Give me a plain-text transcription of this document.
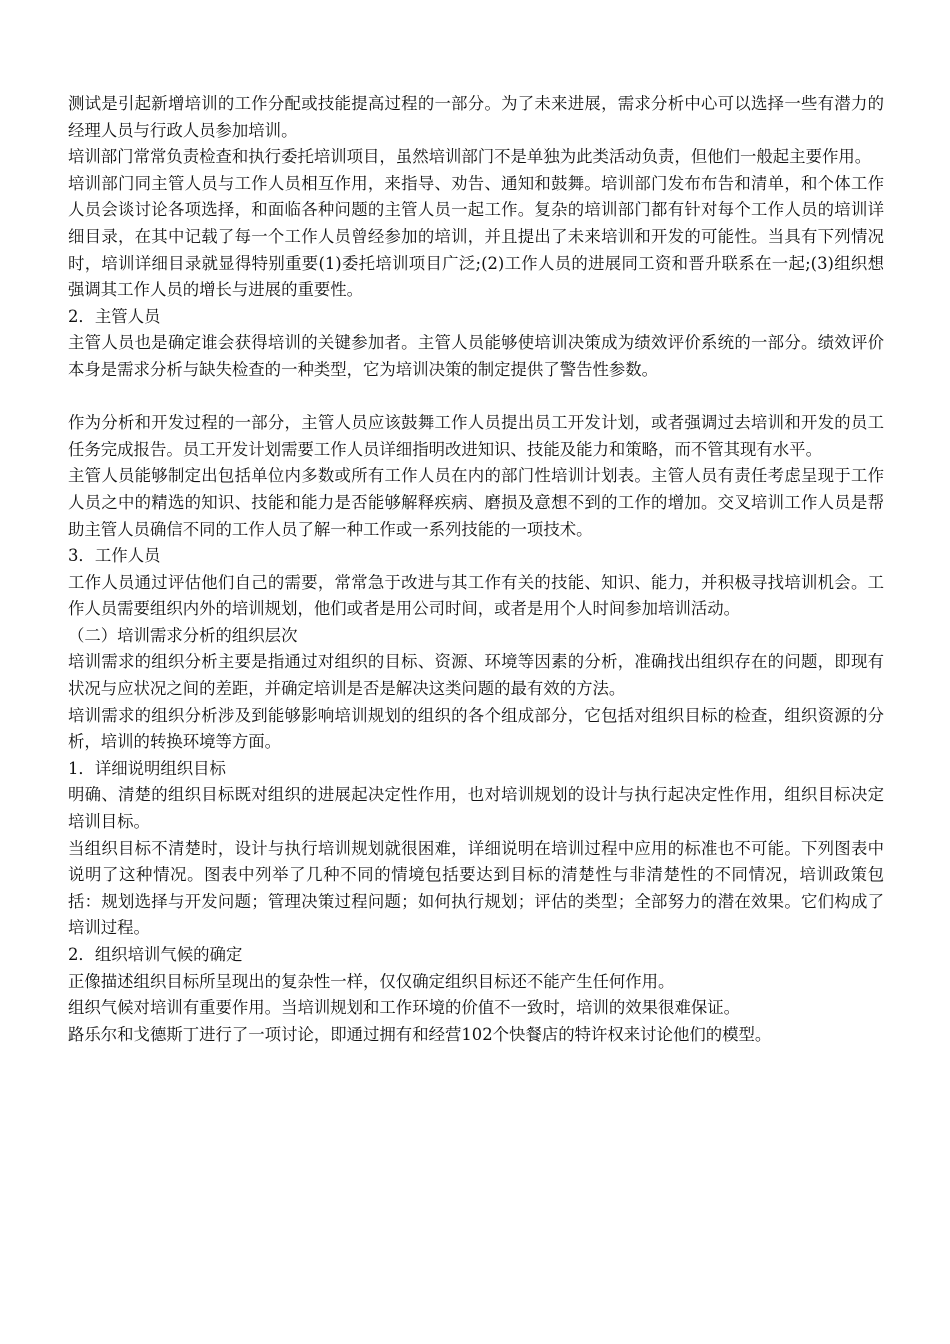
测试是引起新增培训的工作分配或技能提高过程的一部分。为了未来进展，需求分析中心可以选择一些有潜力的经理人员与行政人员参加培训。

培训部门常常负责检查和执行委托培训项目，虽然培训部门不是单独为此类活动负责，但他们一般起主要作用。

培训部门同主管人员与工作人员相互作用，来指导、劝告、通知和鼓舞。培训部门发布布告和清单，和个体工作人员会谈讨论各项选择，和面临各种问题的主管人员一起工作。复杂的培训部门都有针对每个工作人员的培训详细目录，在其中记载了每一个工作人员曾经参加的培训，并且提出了未来培训和开发的可能性。当具有下列情况时，培训详细目录就显得特别重要(1)委托培训项目广泛;(2)工作人员的进展同工资和晋升联系在一起;(3)组织想强调其工作人员的增长与进展的重要性。

2．主管人员

主管人员也是确定谁会获得培训的关键参加者。主管人员能够使培训决策成为绩效评价系统的一部分。绩效评价本身是需求分析与缺失检查的一种类型，它为培训决策的制定提供了警告性参数。

作为分析和开发过程的一部分，主管人员应该鼓舞工作人员提出员工开发计划，或者强调过去培训和开发的员工任务完成报告。员工开发计划需要工作人员详细指明改进知识、技能及能力和策略，而不管其现有水平。

主管人员能够制定出包括单位内多数或所有工作人员在内的部门性培训计划表。主管人员有责任考虑呈现于工作人员之中的精选的知识、技能和能力是否能够解释疾病、磨损及意想不到的工作的增加。交叉培训工作人员是帮助主管人员确信不同的工作人员了解一种工作或一系列技能的一项技术。

3．工作人员

工作人员通过评估他们自己的需要，常常急于改进与其工作有关的技能、知识、能力，并积极寻找培训机会。工作人员需要组织内外的培训规划，他们或者是用公司时间，或者是用个人时间参加培训活动。

（二）培训需求分析的组织层次

培训需求的组织分析主要是指通过对组织的目标、资源、环境等因素的分析，准确找出组织存在的问题，即现有状况与应状况之间的差距，并确定培训是否是解决这类问题的最有效的方法。

培训需求的组织分析涉及到能够影响培训规划的组织的各个组成部分，它包括对组织目标的检查，组织资源的分析，培训的转换环境等方面。

1．详细说明组织目标

明确、清楚的组织目标既对组织的进展起决定性作用，也对培训规划的设计与执行起决定性作用，组织目标决定培训目标。

当组织目标不清楚时，设计与执行培训规划就很困难，详细说明在培训过程中应用的标准也不可能。下列图表中说明了这种情况。图表中列举了几种不同的情境包括要达到目标的清楚性与非清楚性的不同情况，培训政策包括：规划选择与开发问题；管理决策过程问题；如何执行规划；评估的类型；全部努力的潜在效果。它们构成了培训过程。

2．组织培训气候的确定

正像描述组织目标所呈现出的复杂性一样，仅仅确定组织目标还不能产生任何作用。

组织气候对培训有重要作用。当培训规划和工作环境的价值不一致时，培训的效果很难保证。

路乐尔和戈德斯丁进行了一项讨论，即通过拥有和经营102个快餐店的特许权来讨论他们的模型。
